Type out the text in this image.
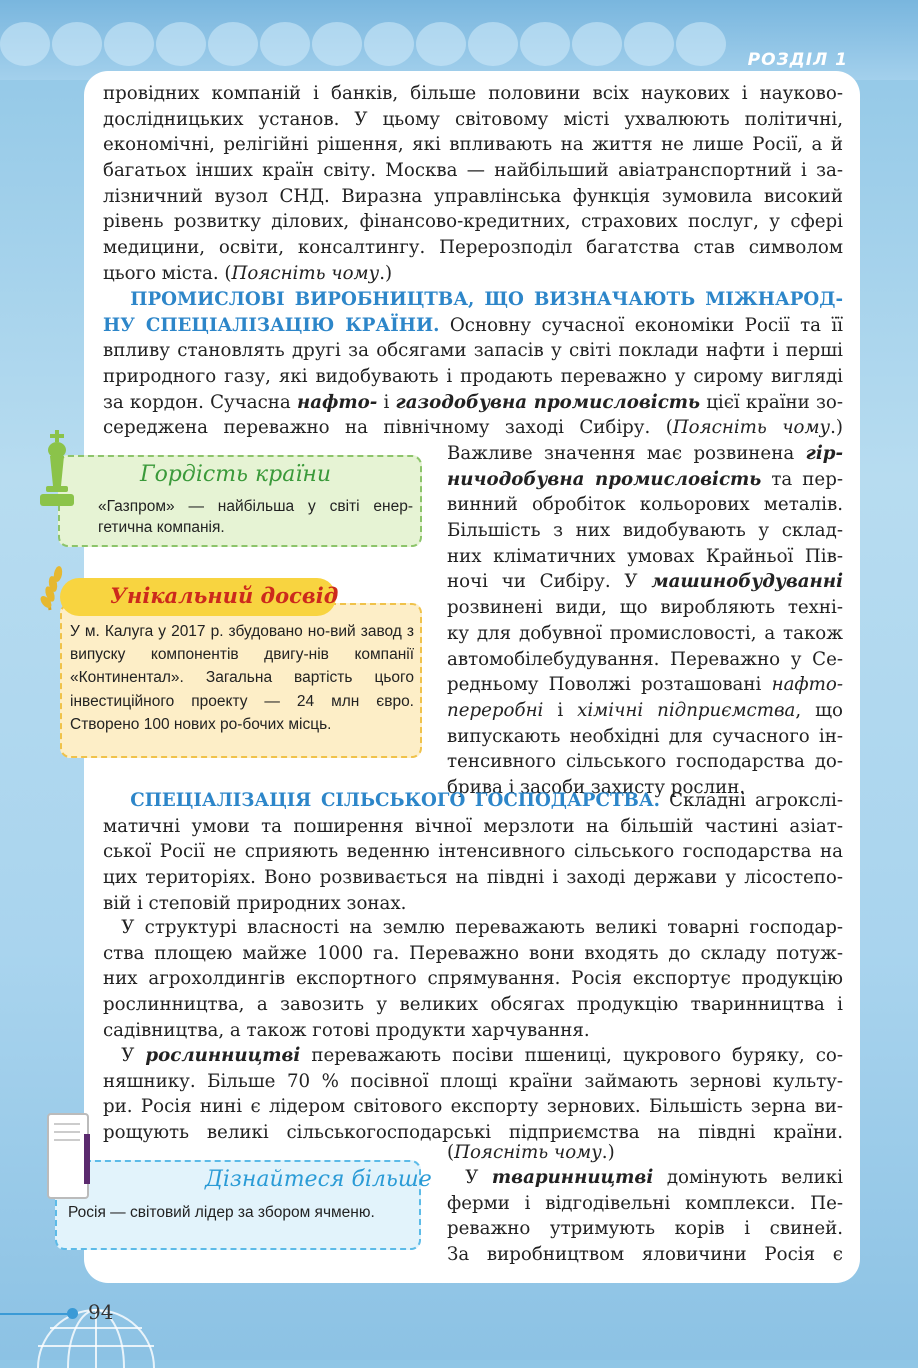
РОЗДІЛ 1
провідних компаній і банків, більше половини всіх наукових і науково-
дослідницьких установ. У цьому світовому місті ухвалюють політичні,
економічні, релігійні рішення, які впливають на життя не лише Росії, а й
багатьох інших країн світу. Москва — найбільший авіатранспортний і за-
лізничний вузол СНД. Виразна управлінська функція зумовила високий
рівень розвитку ділових, фінансово-кредитних, страхових послуг, у сфері
медицини, освіти, консалтингу. Перерозподіл багатства став символом
цього міста. (Поясніть чому.)
  ПРОМИСЛОВІ ВИРОБНИЦТВА, ЩО ВИЗНАЧАЮТЬ МІЖНАРОД-
НУ СПЕЦІАЛІЗАЦІЮ КРАЇНИ. Основну сучасної економіки Росії та її
впливу становлять другі за обсягами запасів у світі поклади нафти і перші
природного газу, які видобувають і продають переважно у сирому вигляді
за кордон. Сучасна нафто- і газодобувна промисловість цієї країни зо-
середжена переважно на північному заході Сибіру. (Поясніть чому.)
Важливе значення має розвинена гір-
ничодобувна промисловість та пер-
винний обробіток кольорових металів.
Більшість з них видобувають у склад-
них кліматичних умовах Крайньої Пів-
ночі чи Сибіру. У машинобудуванні
розвинені види, що виробляють техні-
ку для добувної промисловості, а також
автомобілебудування. Переважно у Се-
редньому Поволжі розташовані нафто-
переробні і хімічні підприємства, що
випускають необхідні для сучасного ін-
тенсивного сільського господарства до-
брива і засоби захисту рослин.
  СПЕЦІАЛІЗАЦІЯ СІЛЬСЬКОГО ГОСПОДАРСТВА. Складні агрокслі-
матичні умови та поширення вічної мерзлоти на більшій частині азіат-
ської Росії не сприяють веденню інтенсивного сільського господарства на
цих територіях. Воно розвивається на півдні і заході держави у лісостепо-
вій і степовій природних зонах.
 У структурі власності на землю переважають великі товарні господар-
ства площею майже 1000 га. Переважно вони входять до складу потуж-
них агрохолдингів експортного спрямування. Росія експортує продукцію
рослинництва, а завозить у великих обсягах продукцію тваринництва і
садівництва, а також готові продукти харчування.
 У рослинництві переважають посіви пшениці, цукрового буряку, со-
няшнику. Більше 70 % посівної площі країни займають зернові культу-
ри. Росія нині є лідером світового експорту зернових. Більшість зерна ви-
рощують великі сільськогосподарські підприємства на півдні країни.
(Поясніть чому.)
 У тваринництві домінують великі
ферми і відгодівельні комплекси. Пе-
реважно утримують корів і свиней.
За виробництвом яловичини Росія є
Гордість країни
«Газпром» — найбільша у світі енер-гетична компанія.
Унікальний досвід
У м. Калуга у 2017 р. збудовано но-вий завод з випуску компонентів двигу-нів компанії «Континентал». Загальна вартість цього інвестиційного проекту — 24 млн євро. Створено 100 нових ро-бочих місць.
Дізнайтеся більше
Росія — світовий лідер за збором ячменю.
94
